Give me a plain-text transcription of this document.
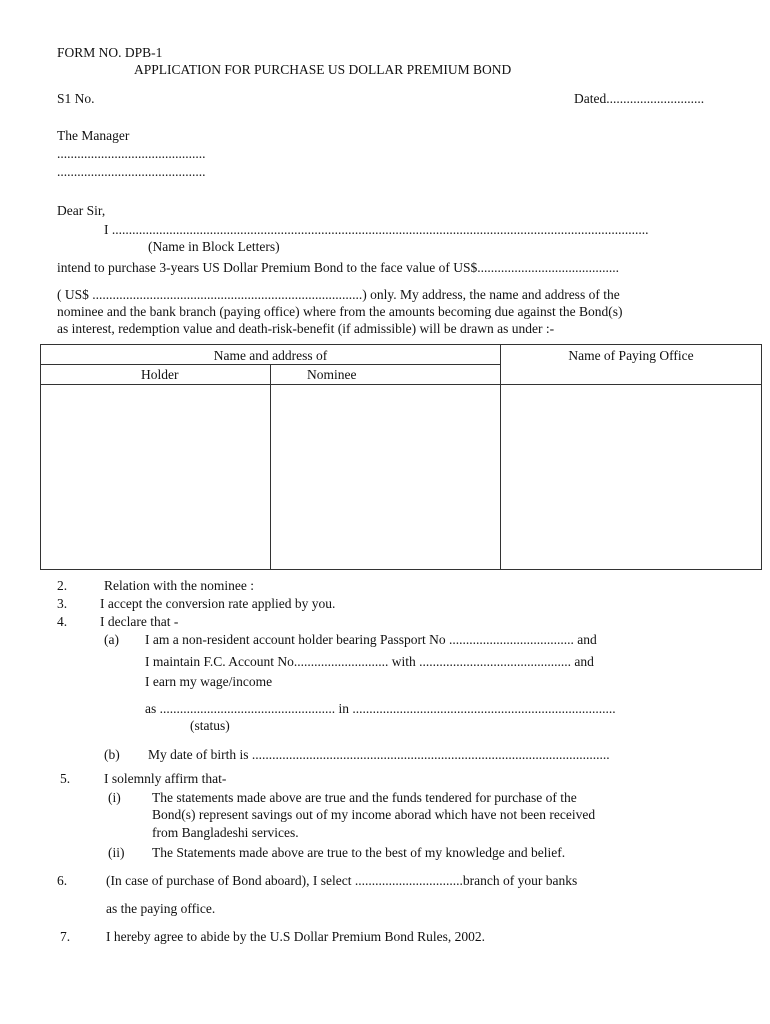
FORM NO. DPB-1
APPLICATION FOR PURCHASE US DOLLAR PREMIUM BOND
S1 No.	Dated.............................
The Manager
............................................
............................................
Dear Sir,
I ...............................................................................................................................................................
(Name in Block Letters)
intend to purchase 3-years US Dollar Premium Bond to the face value of US$..........................................
( US$ ................................................................................) only. My address, the name and address of the
nominee and the bank branch (paying office) where from the amounts becoming due against the Bond(s)
as interest, redemption value and death-risk-benefit (if admissible) will be drawn as under :-
Name and address of		Name of Paying Office
Holder	Nominee	

2.	Relation with the nominee :
3. I accept the conversion rate applied by you.
4. I declare that -
(a) I am a non-resident account holder bearing Passport No ..................................... and
I maintain F.C. Account No............................ with ............................................. and
I earn my wage/income
as .................................................... in ..............................................................................
(status)
(b) My date of birth is ..........................................................................................................
5.	I solemnly affirm that-
(i) The statements made above are true and the funds tendered for purchase of the
Bond(s) represent savings out of my income aborad which have not been received
from Bangladeshi services.
(ii) The Statements made above are true to the best of my knowledge and belief.
6.	(In case of purchase of Bond aboard), I select ................................branch of your banks
as the paying office.
7.	I hereby agree to abide by the U.S Dollar Premium Bond Rules, 2002.
